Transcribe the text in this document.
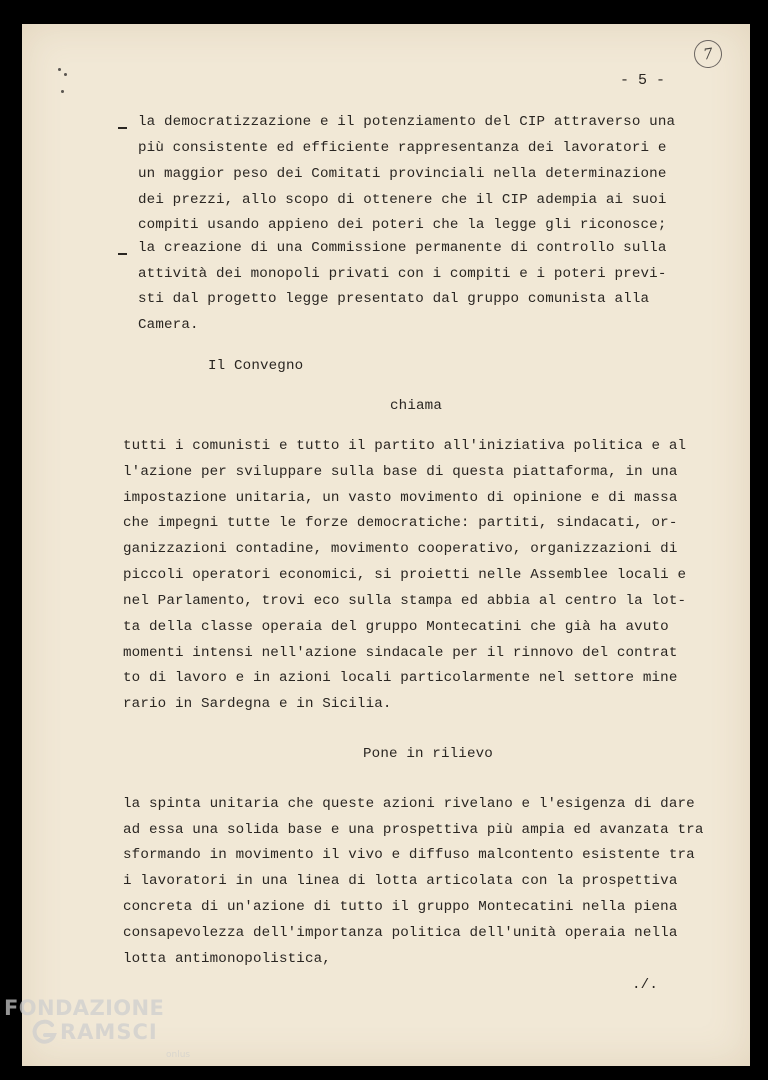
7
- 5 -
la democratizzazione e il potenziamento del CIP attraverso una
più consistente ed efficiente rappresentanza dei lavoratori e
un maggior peso dei Comitati provinciali nella determinazione
dei prezzi, allo scopo di ottenere che il CIP adempia ai suoi
compiti usando appieno dei poteri che la legge gli riconosce;
la creazione di una Commissione permanente di controllo sulla
attività dei monopoli privati con i compiti e i poteri previ-
sti dal progetto legge presentato dal gruppo comunista alla
Camera.
Il Convegno
chiama
tutti i comunisti e tutto il partito all'iniziativa politica e al
l'azione per sviluppare sulla base di questa piattaforma, in una
impostazione unitaria, un vasto movimento di opinione e di massa
che impegni tutte le forze democratiche: partiti, sindacati, or-
ganizzazioni contadine, movimento cooperativo, organizzazioni di
piccoli operatori economici, si proietti nelle Assemblee locali e
nel Parlamento, trovi eco sulla stampa ed abbia al centro la lot-
ta della classe operaia del gruppo Montecatini che già ha avuto
momenti intensi nell'azione sindacale per il rinnovo del contrat
to di lavoro e in azioni locali particolarmente nel settore mine
rario in Sardegna e in Sicilia.
Pone in rilievo
la spinta unitaria che queste azioni rivelano e l'esigenza di dare
ad essa una solida base e una prospettiva più ampia ed avanzata tra
sformando in movimento il vivo e diffuso malcontento esistente tra
i lavoratori in una linea di lotta articolata con la prospettiva
concreta di un'azione di tutto il gruppo Montecatini nella piena
consapevolezza dell'importanza politica dell'unità operaia nella
lotta antimonopolistica,
./.
FONDAZIONE
RAMSCI
onlus
